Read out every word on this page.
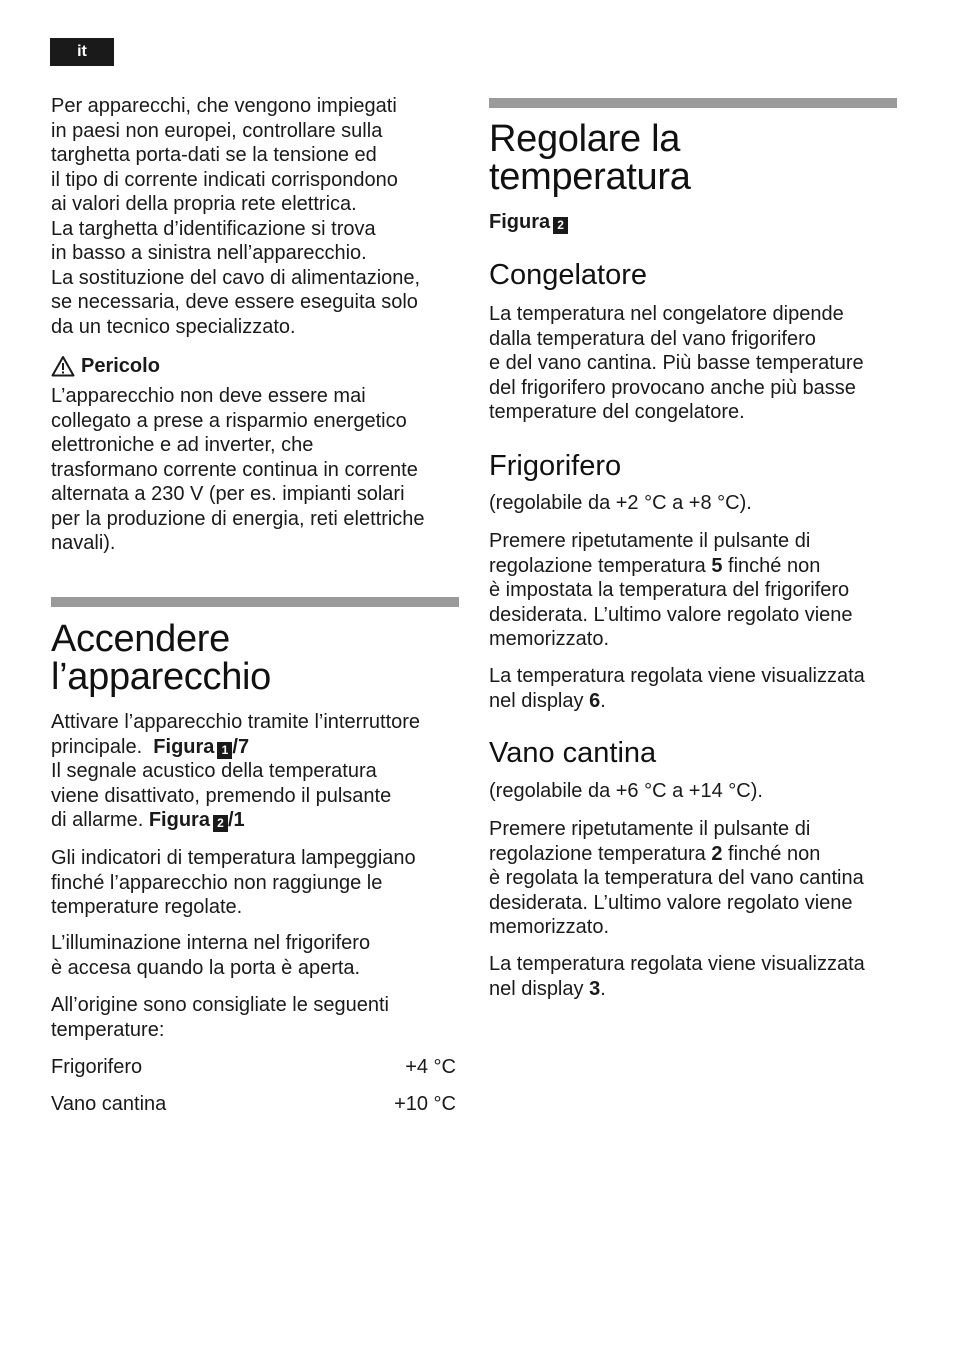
it

Per apparecchi, che vengono impiegati
in paesi non europei, controllare sulla
targhetta porta-dati se la tensione ed
il tipo di corrente indicati corrispondono
ai valori della propria rete elettrica.
La targhetta d’identificazione si trova
in basso a sinistra nell’apparecchio.
La sostituzione del cavo di alimentazione,
se necessaria, deve essere eseguita solo
da un tecnico specializzato.

Pericolo

L’apparecchio non deve essere mai
collegato a prese a risparmio energetico
elettroniche e ad inverter, che
trasformano corrente continua in corrente
alternata a 230 V (per es. impianti solari
per la produzione di energia, reti elettriche
navali).

Accendere
l’apparecchio

Attivare l’apparecchio tramite l’interruttore
principale. Figura 1 /7
Il segnale acustico della temperatura
viene disattivato, premendo il pulsante
di allarme. Figura 2 /1

Gli indicatori di temperatura lampeggiano
finché l’apparecchio non raggiunge le
temperature regolate.

L’illuminazione interna nel frigorifero
è accesa quando la porta è aperta.

All’origine sono consigliate le seguenti
temperature:

Frigorifero	+4 °C
Vano cantina	+10 °C
Regolare la
temperatura
Figura 2
Congelatore

La temperatura nel congelatore dipende
dalla temperatura del vano frigorifero
e del vano cantina. Più basse temperature
del frigorifero provocano anche più basse
temperature del congelatore.

Frigorifero

(regolabile da +2 °C a +8 °C).

Premere ripetutamente il pulsante di
regolazione temperatura 5 finché non
è impostata la temperatura del frigorifero
desiderata. L’ultimo valore regolato viene
memorizzato.

La temperatura regolata viene visualizzata
nel display 6.

Vano cantina

(regolabile da +6 °C a +14 °C).

Premere ripetutamente il pulsante di
regolazione temperatura 2 finché non
è regolata la temperatura del vano cantina
desiderata. L’ultimo valore regolato viene
memorizzato.

La temperatura regolata viene visualizzata
nel display 3.
